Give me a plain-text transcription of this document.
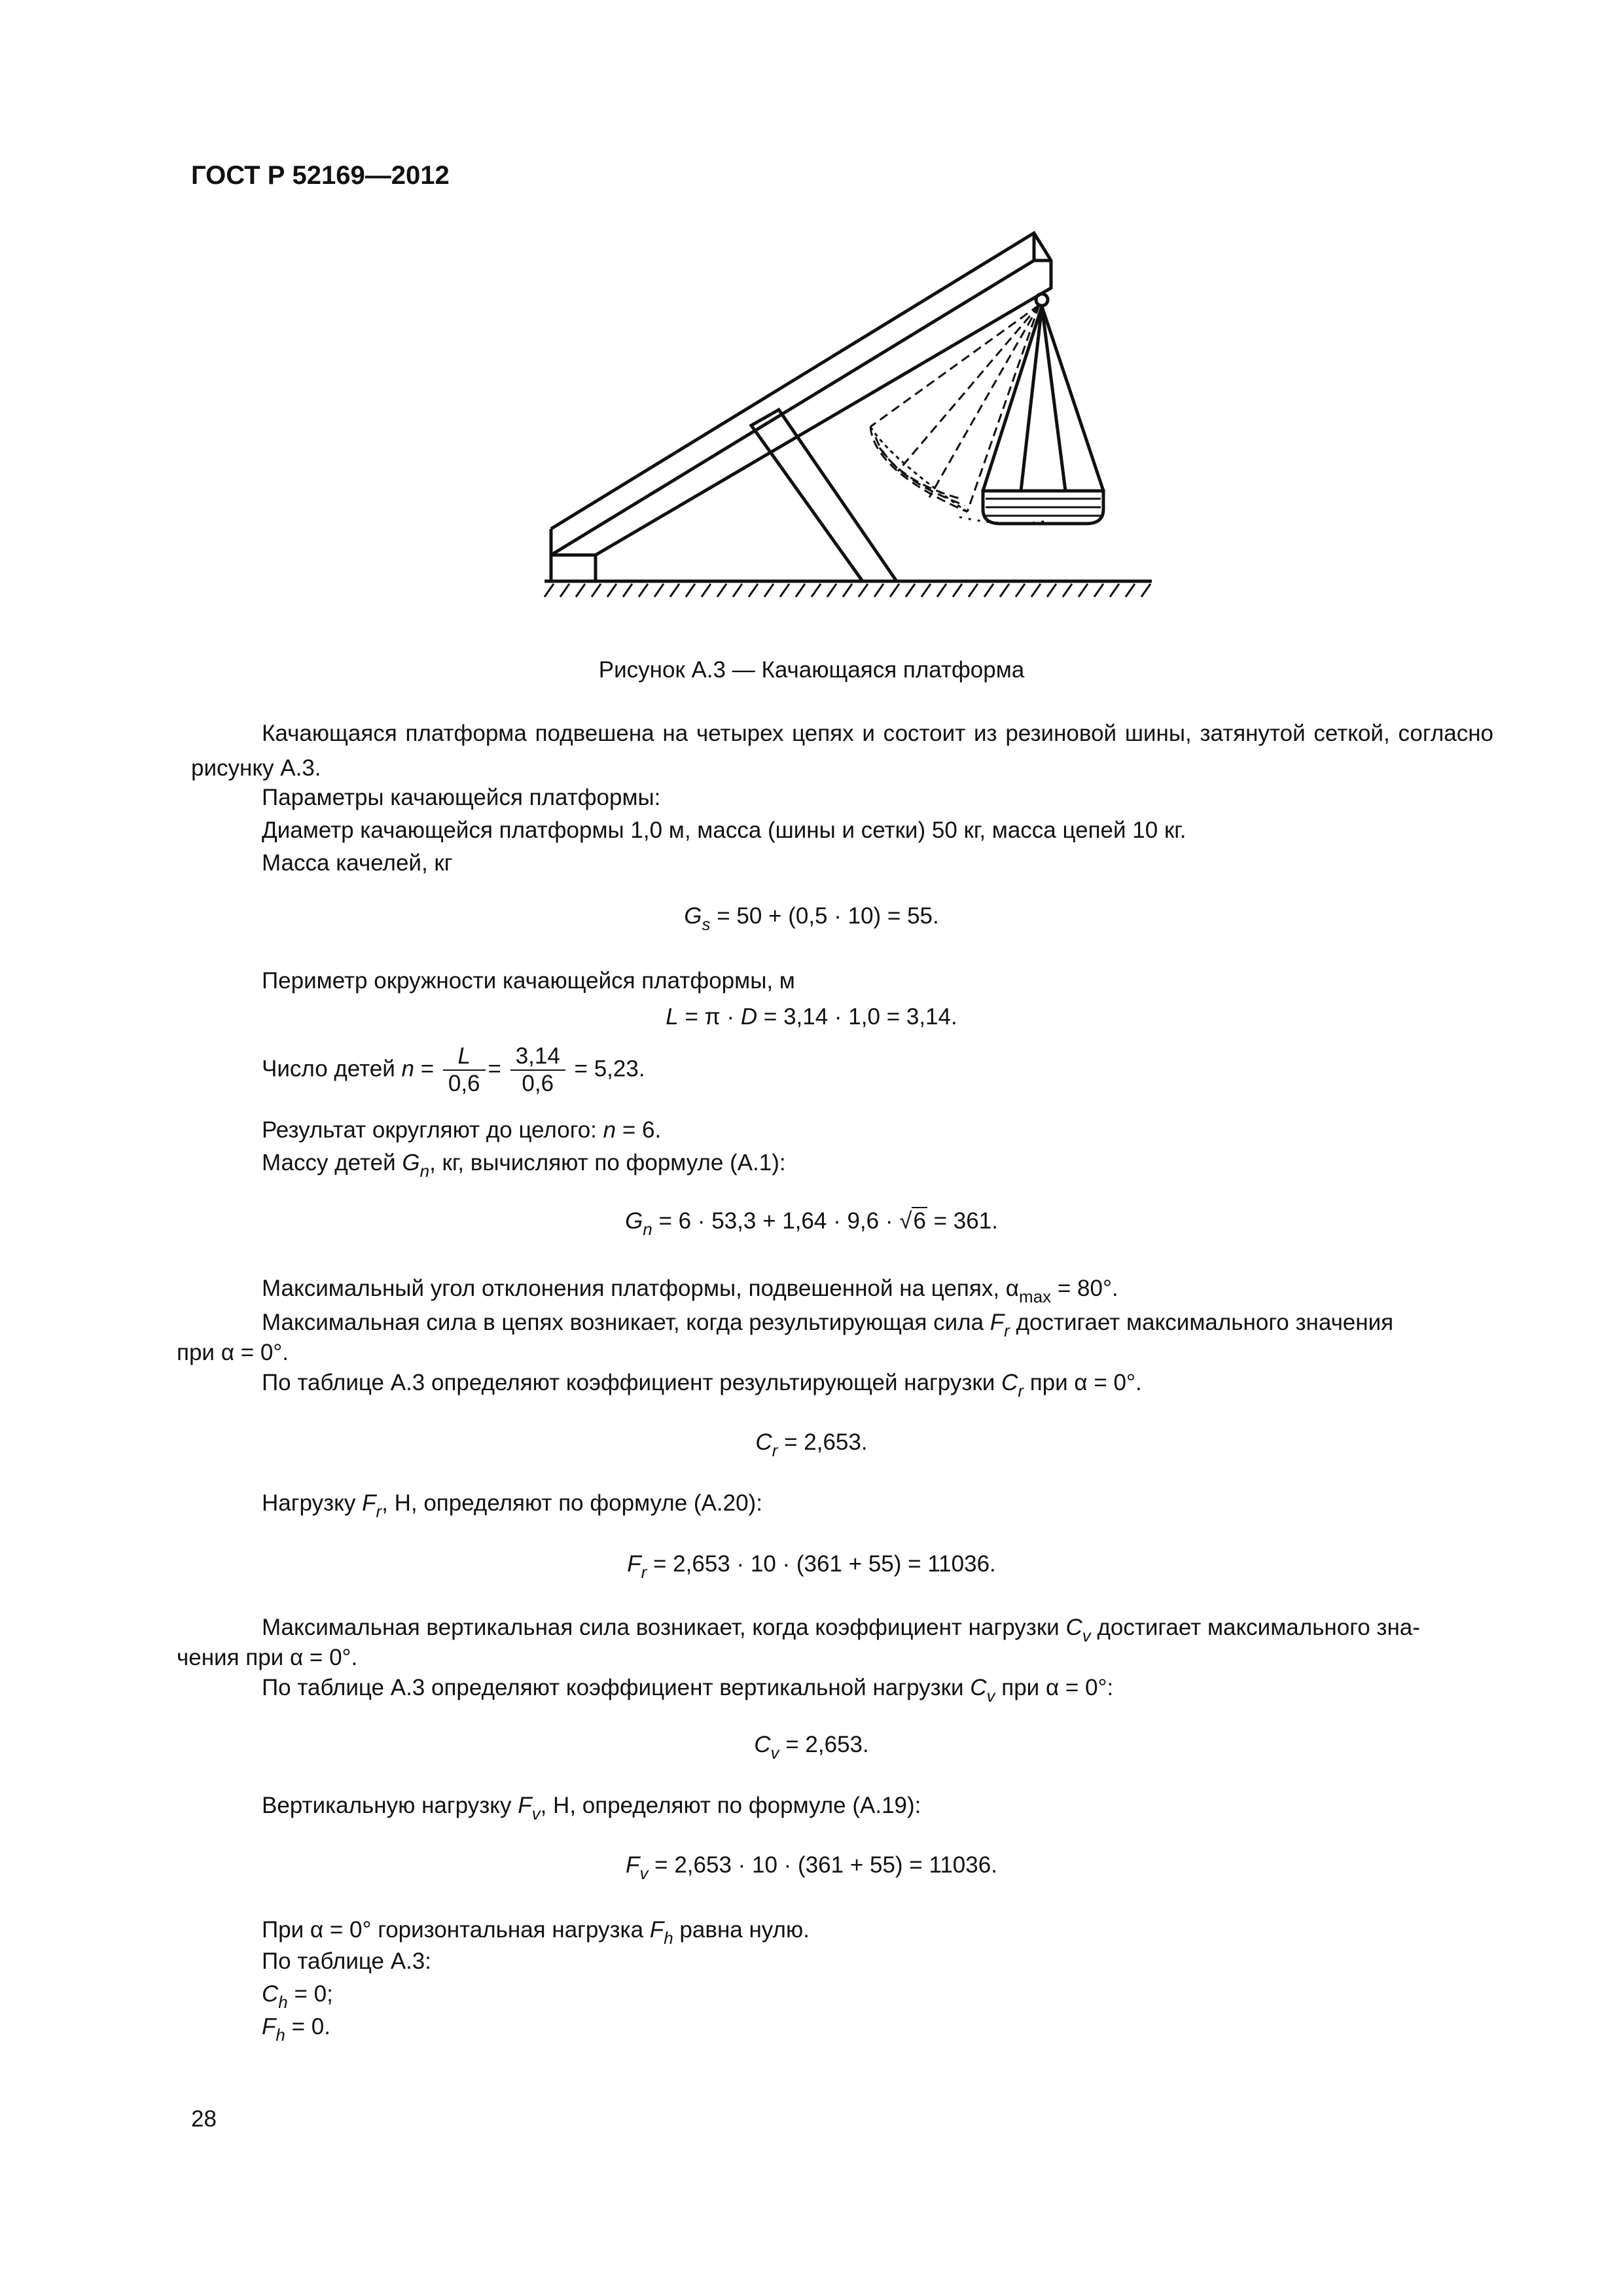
ГОСТ Р 52169—2012
Рисунок А.3 — Качающаяся платформа
Качающаяся платформа подвешена на четырех цепях и состоит из резиновой шины, затянутой сеткой, согласно рисунку А.3.
Параметры качающейся платформы:
Диаметр качающейся платформы 1,0 м, масса (шины и сетки) 50 кг, масса цепей 10 кг.
Масса качелей, кг
$G_s = 50 + (0,5 \cdot 10) = 55$.
Периметр окружности качающейся платформы, м
L = π · D = 3,14 · 1,0 = 3,14.
Число детей $n = \frac{L}{0,6} = \frac{3,14}{0,6} = 5,23$.
Результат округляют до целого: n = 6.
Массу детей $G_n$, кг, вычисляют по формуле (А.1):
$G_n = 6 \cdot 53,3 + 1,64 \cdot 9,6 \cdot √6 = 361$.
Максимальный угол отклонения платформы, подвешенной на цепях, $\alpha_{max} = 80^\circ$.
Максимальная сила в цепях возникает, когда результирующая сила $F_r$ достигает максимального значения
при α = 0°.
По таблице А.3 определяют коэффициент результирующей нагрузки $C_r$ при α = 0°.
$C_r = 2,653$.
Нагрузку $F_r$, Н, определяют по формуле (А.20):
$F_r = 2,653 \cdot 10 \cdot (361 + 55) = 11036$.
Максимальная вертикальная сила возникает, когда коэффициент нагрузки $C_v$ достигает максимального зна-
чения при α = 0°.
По таблице А.3 определяют коэффициент вертикальной нагрузки $C_v$ при α = 0°:
$C_v = 2,653$.
Вертикальную нагрузку $F_v$, Н, определяют по формуле (А.19):
$F_v = 2,653 \cdot 10 \cdot (361 + 55) = 11036$.
При α = 0° горизонтальная нагрузка $F_h$ равна нулю.
По таблице А.3:
$C_h = 0$;
$F_h = 0$.
28
